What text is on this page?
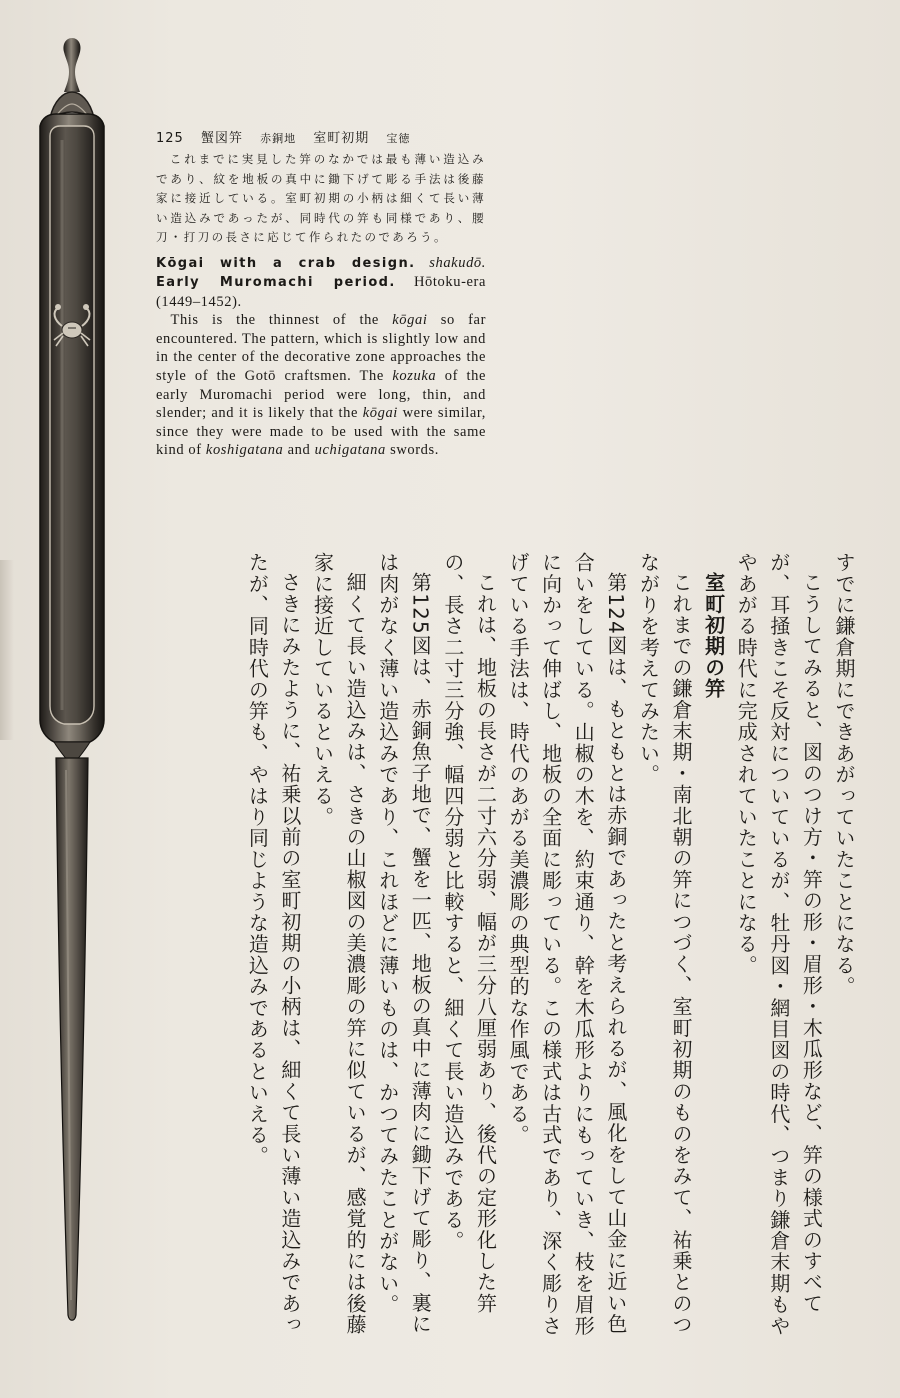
125 蟹図笄 赤銅地 室町初期 宝徳
これまでに実見した笄のなかでは最も薄い造込みであり、紋を地板の真中に鋤下げて彫る手法は後藤家に接近している。室町初期の小柄は細くて長い薄い造込みであったが、同時代の笄も同様であり、腰刀・打刀の長さに応じて作られたのであろう。

Kōgai with a crab design. shakudō. Early Muromachi period. Hōtoku-era (1449–1452).

This is the thinnest of the kōgai so far encountered. The pattern, which is slightly low and in the center of the decorative zone approaches the style of the Gotō craftsmen. The kozuka of the early Muromachi period were long, thin, and slender; and it is likely that the kōgai were similar, since they were made to be used with the same kind of koshigatana and uchigatana swords.

すでに鎌倉期にできあがっていたことになる。

こうしてみると、図のつけ方・笄の形・眉形・木瓜形など、笄の様式のすべてが、耳掻きこそ反対についているが、牡丹図・網目図の時代、つまり鎌倉末期もややあがる時代に完成されていたことになる。

室町初期の笄

これまでの鎌倉末期・南北朝の笄につづく、室町初期のものをみて、祐乗とのつながりを考えてみたい。

第124図は、もともとは赤銅であったと考えられるが、風化をして山金に近い色合いをしている。山椒の木を、約束通り、幹を木瓜形よりにもっていき、枝を眉形に向かって伸ばし、地板の全面に彫っている。この様式は古式であり、深く彫りさげている手法は、時代のあがる美濃彫の典型的な作風である。

これは、地板の長さが二寸六分弱、幅が三分八厘弱あり、後代の定形化した笄の、長さ二寸三分強、幅四分弱と比較すると、細くて長い造込みである。

第125図は、赤銅魚子地で、蟹を一匹、地板の真中に薄肉に鋤下げて彫り、裏には肉がなく薄い造込みであり、これほどに薄いものは、かつてみたことがない。

細くて長い造込みは、さきの山椒図の美濃彫の笄に似ているが、感覚的には後藤家に接近しているといえる。

さきにみたように、祐乗以前の室町初期の小柄は、細くて長い薄い造込みであったが、同時代の笄も、やはり同じような造込みであるといえる。
